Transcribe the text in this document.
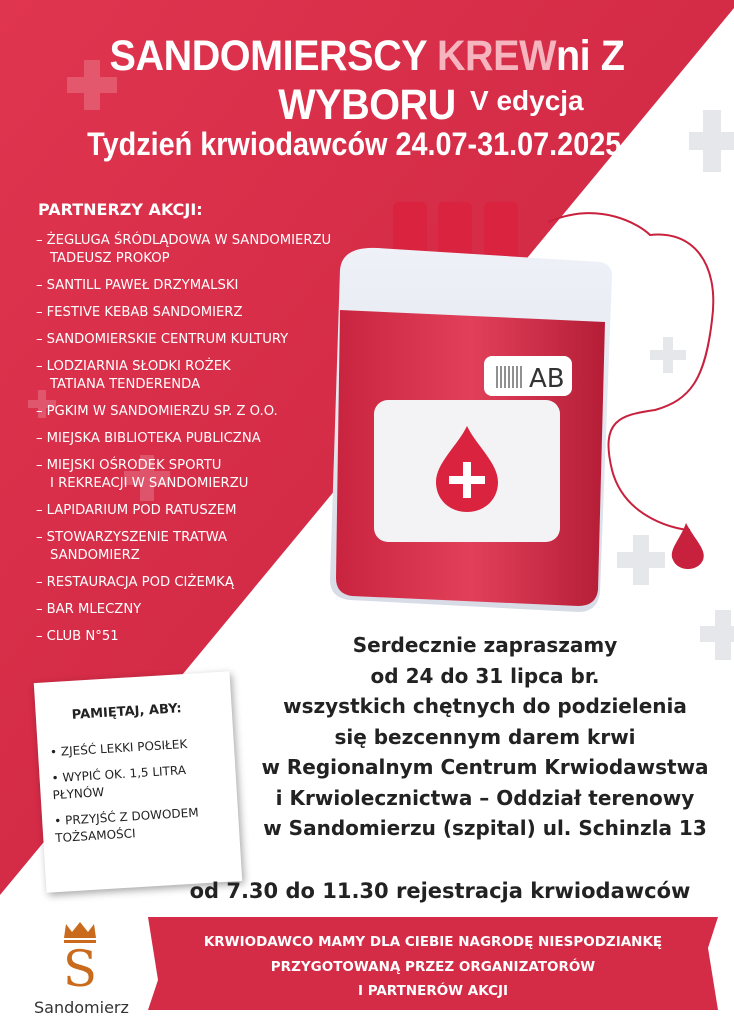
SANDOMIERSCY KREWni Z WYBORU V edycja
Tydzień krwiodawców 24.07-31.07.2025 r.
PARTNERZY AKCJI:
– ŻEGLUGA ŚRÓDLĄDOWA W SANDOMIERZU
TADEUSZ PROKOP
– SANTILL PAWEŁ DRZYMALSKI
– FESTIVE KEBAB SANDOMIERZ
– SANDOMIERSKIE CENTRUM KULTURY
– LODZIARNIA SŁODKI ROŻEK
TATIANA TENDERENDA
– PGKIM W SANDOMIERZU SP. Z O.O.
– MIEJSKA BIBLIOTEKA PUBLICZNA
– MIEJSKI OŚRODEK SPORTU
I REKREACJI W SANDOMIERZU
– LAPIDARIUM POD RATUSZEM
– STOWARZYSZENIE TRATWA
SANDOMIERZ
– RESTAURACJA POD CIŻEMKĄ
– BAR MLECZNY
– CLUB N°51
PAMIĘTAJ, ABY:
• ZJEŚĆ LEKKI POSIŁEK
• WYPIĆ OK. 1,5 LITRA PŁYNÓW
• PRZYJŚĆ Z DOWODEM TOŻSAMOŚCI
AB
Serdecznie zapraszamy
od 24 do 31 lipca br.
wszystkich chętnych do podzielenia
się bezcennym darem krwi
w Regionalnym Centrum Krwiodawstwa
i Krwiolecznictwa – Oddział terenowy
w Sandomierzu (szpital) ul. Schinzla 13
od 7.30 do 11.30 rejestracja krwiodawców
KRWIODAWCO MAMY DLA CIEBIE NAGRODĘ NIESPODZIANKĘ
PRZYGOTOWANĄ PRZEZ ORGANIZATORÓW
I PARTNERÓW AKCJI
S
Sandomierz
